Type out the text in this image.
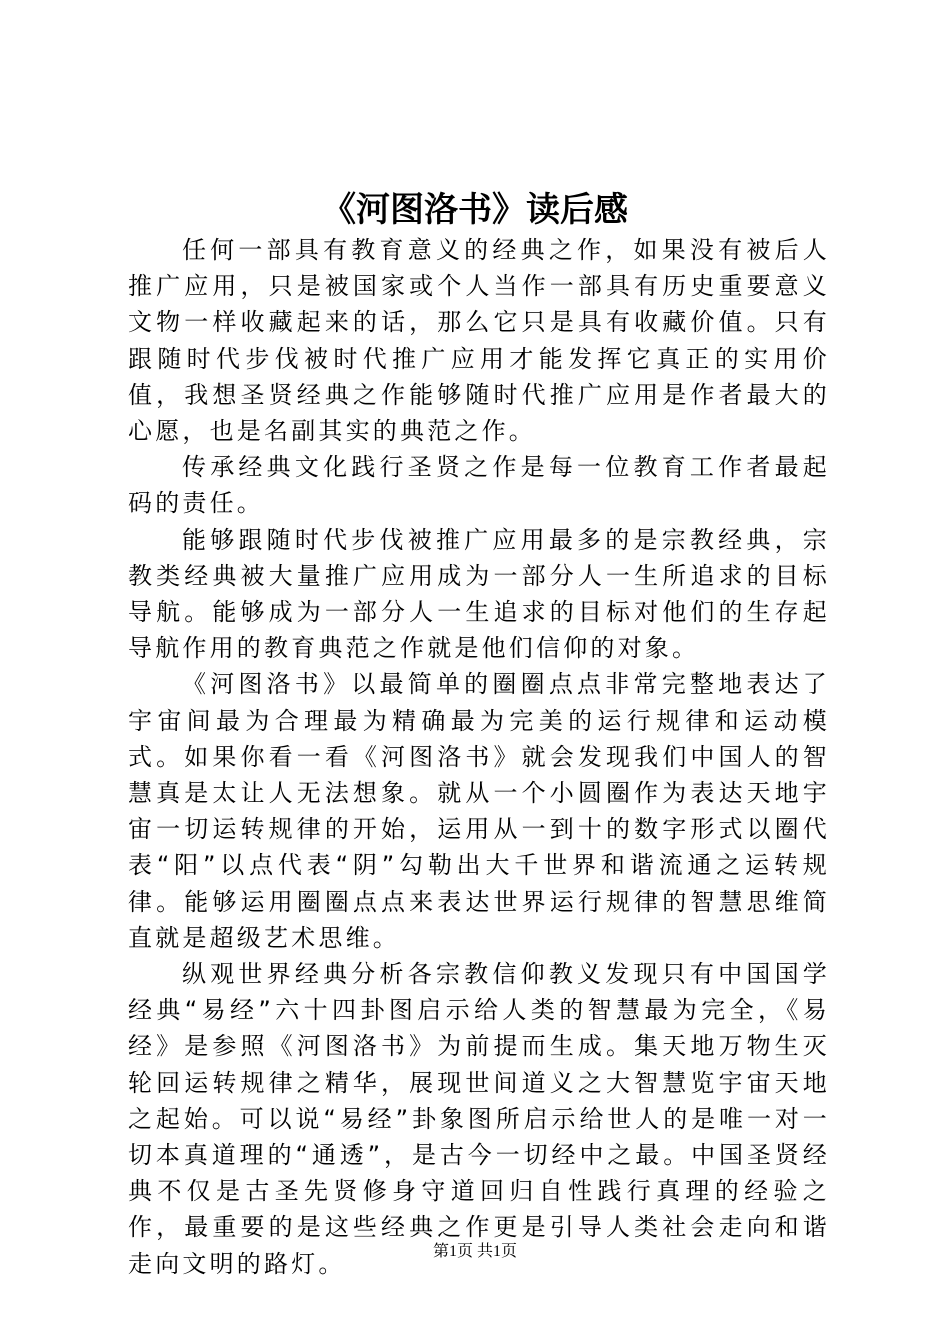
《河图洛书》读后感

任何一部具有教育意义的经典之作，如果没有被后人推广应用，只是被国家或个人当作一部具有历史重要意义文物一样收藏起来的话，那么它只是具有收藏价值。只有跟随时代步伐被时代推广应用才能发挥它真正的实用价值，我想圣贤经典之作能够随时代推广应用是作者最大的心愿，也是名副其实的典范之作。

传承经典文化践行圣贤之作是每一位教育工作者最起码的责任。

能够跟随时代步伐被推广应用最多的是宗教经典，宗教类经典被大量推广应用成为一部分人一生所追求的目标导航。能够成为一部分人一生追求的目标对他们的生存起导航作用的教育典范之作就是他们信仰的对象。

《河图洛书》以最简单的圈圈点点非常完整地表达了宇宙间最为合理最为精确最为完美的运行规律和运动模式。如果你看一看《河图洛书》就会发现我们中国人的智慧真是太让人无法想象。就从一个小圆圈作为表达天地宇宙一切运转规律的开始，运用从一到十的数字形式以圈代表“阳”以点代表“阴”勾勒出大千世界和谐流通之运转规律。能够运用圈圈点点来表达世界运行规律的智慧思维简直就是超级艺术思维。

纵观世界经典分析各宗教信仰教义发现只有中国国学经典“易经”六十四卦图启示给人类的智慧最为完全，《易经》是参照《河图洛书》为前提而生成。集天地万物生灭轮回运转规律之精华，展现世间道义之大智慧览宇宙天地之起始。可以说“易经”卦象图所启示给世人的是唯一对一切本真道理的“通透”，是古今一切经中之最。中国圣贤经典不仅是古圣先贤修身守道回归自性践行真理的经验之作，最重要的是这些经典之作更是引导人类社会走向和谐走向文明的路灯。	第1页 共1页
